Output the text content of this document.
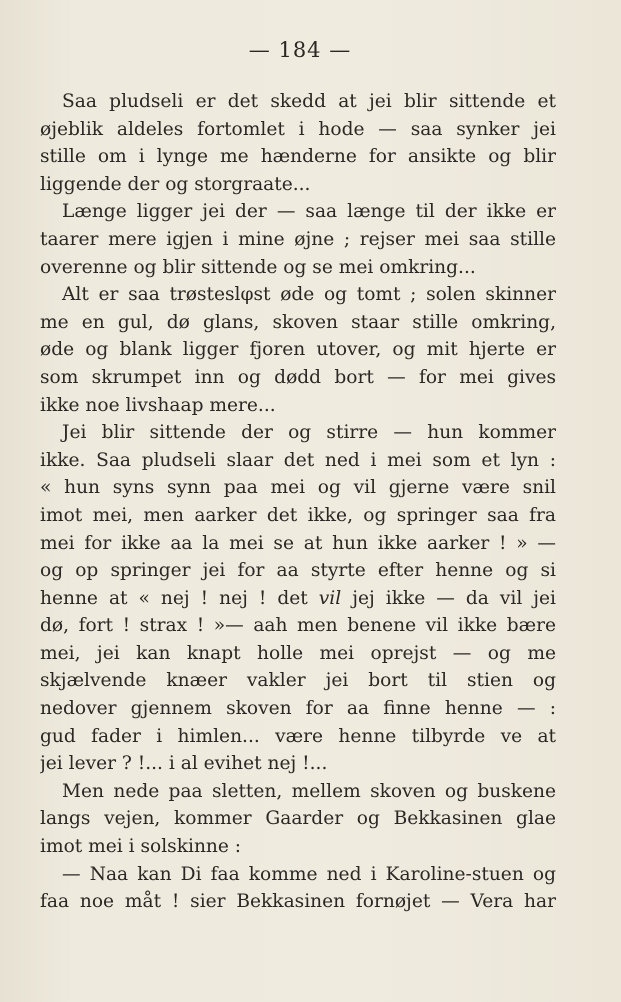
— 184 —
Saa pludseli er det skedd at jei blir sittende et
øjeblik aldeles fortomlet i hode — saa synker jei
stille om i lynge me hænderne for ansikte og blir
liggende der og storgraate...
Længe ligger jei der — saa længe til der ikke er
taarer mere igjen i mine øjne ; rejser mei saa stille
overenne og blir sittende og se mei omkring...
Alt er saa trøsteslφst øde og tomt ; solen skinner
me en gul, dø glans, skoven staar stille omkring,
øde og blank ligger fjoren utover, og mit hjerte er
som skrumpet inn og dødd bort — for mei gives
ikke noe livshaap mere...
Jei blir sittende der og stirre — hun kommer
ikke. Saa pludseli slaar det ned i mei som et lyn :
« hun syns synn paa mei og vil gjerne være snil
imot mei, men aarker det ikke, og springer saa fra
mei for ikke aa la mei se at hun ikke aarker ! » —
og op springer jei for aa styrte efter henne og si
henne at « nej ! nej ! det vil jej ikke — da vil jei
dø, fort ! strax ! »— aah men benene vil ikke bære
mei, jei kan knapt holle mei oprejst — og me
skjælvende knæer vakler jei bort til stien og
nedover gjennem skoven for aa finne henne — :
gud fader i himlen... være henne tilbyrde ve at
jei lever ? !... i al evihet nej !...
Men nede paa sletten, mellem skoven og buskene
langs vejen, kommer Gaarder og Bekkasinen glae
imot mei i solskinne :
— Naa kan Di faa komme ned i Karoline-stuen og
faa noe måt ! sier Bekkasinen fornøjet — Vera har
